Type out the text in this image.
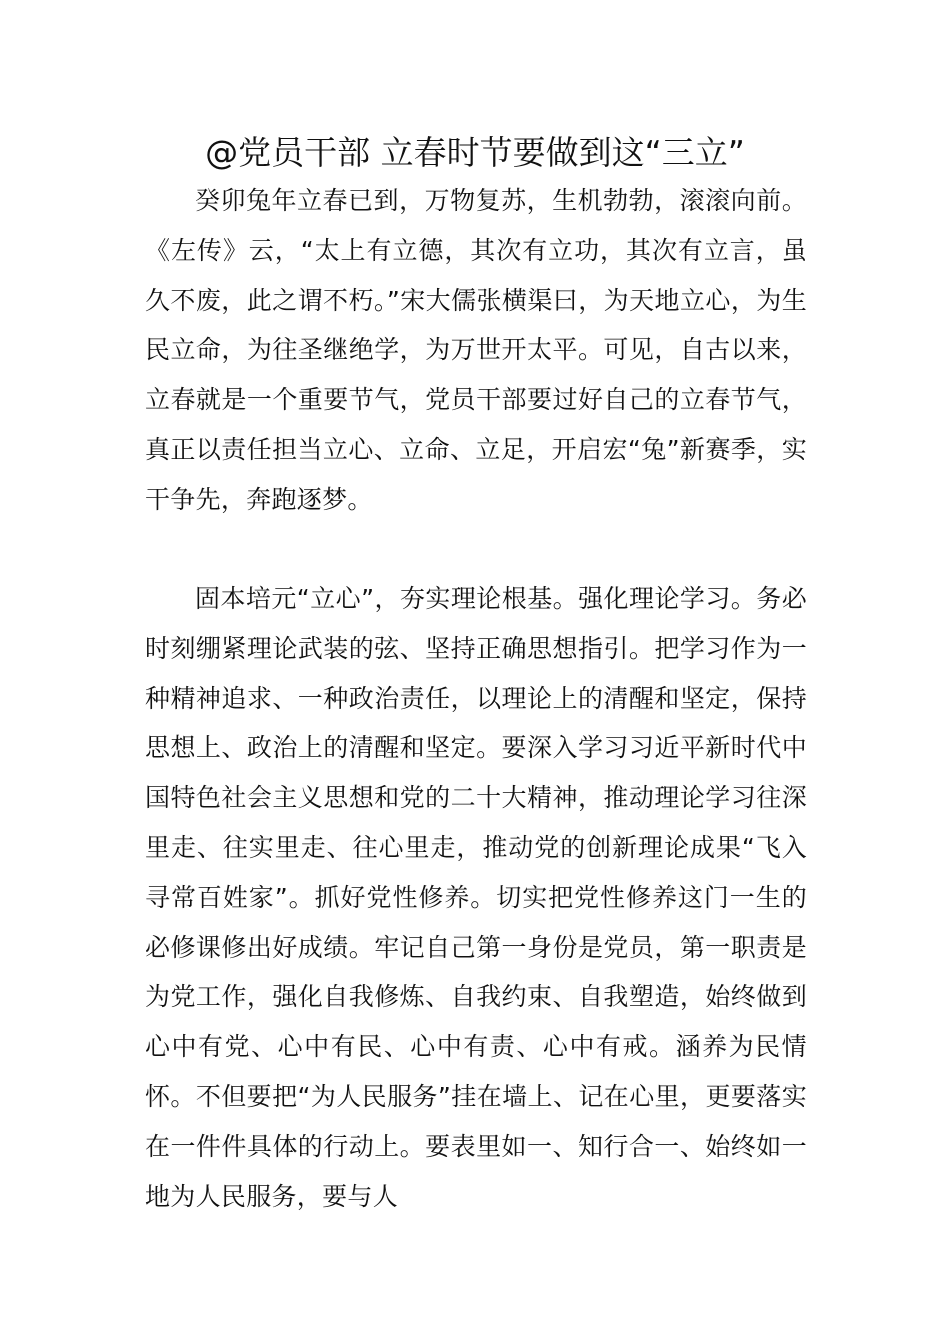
@党员干部 立春时节要做到这“三立”

癸卯兔年立春已到，万物复苏，生机勃勃，滚滚向前。《左传》云，“太上有立德，其次有立功，其次有立言，虽久不废，此之谓不朽。”宋大儒张横渠曰，为天地立心，为生民立命，为往圣继绝学，为万世开太平。可见，自古以来，立春就是一个重要节气，党员干部要过好自己的立春节气，真正以责任担当立心、立命、立足，开启宏“兔”新赛季，实干争先，奔跑逐梦。

固本培元“立心”，夯实理论根基。强化理论学习。务必时刻绷紧理论武装的弦、坚持正确思想指引。把学习作为一种精神追求、一种政治责任，以理论上的清醒和坚定，保持思想上、政治上的清醒和坚定。要深入学习习近平新时代中国特色社会主义思想和党的二十大精神，推动理论学习往深里走、往实里走、往心里走，推动党的创新理论成果“飞入寻常百姓家”。抓好党性修养。切实把党性修养这门一生的必修课修出好成绩。牢记自己第一身份是党员，第一职责是为党工作，强化自我修炼、自我约束、自我塑造，始终做到心中有党、心中有民、心中有责、心中有戒。涵养为民情怀。不但要把“为人民服务”挂在墙上、记在心里，更要落实在一件件具体的行动上。要表里如一、知行合一、始终如一地为人民服务，要与人
